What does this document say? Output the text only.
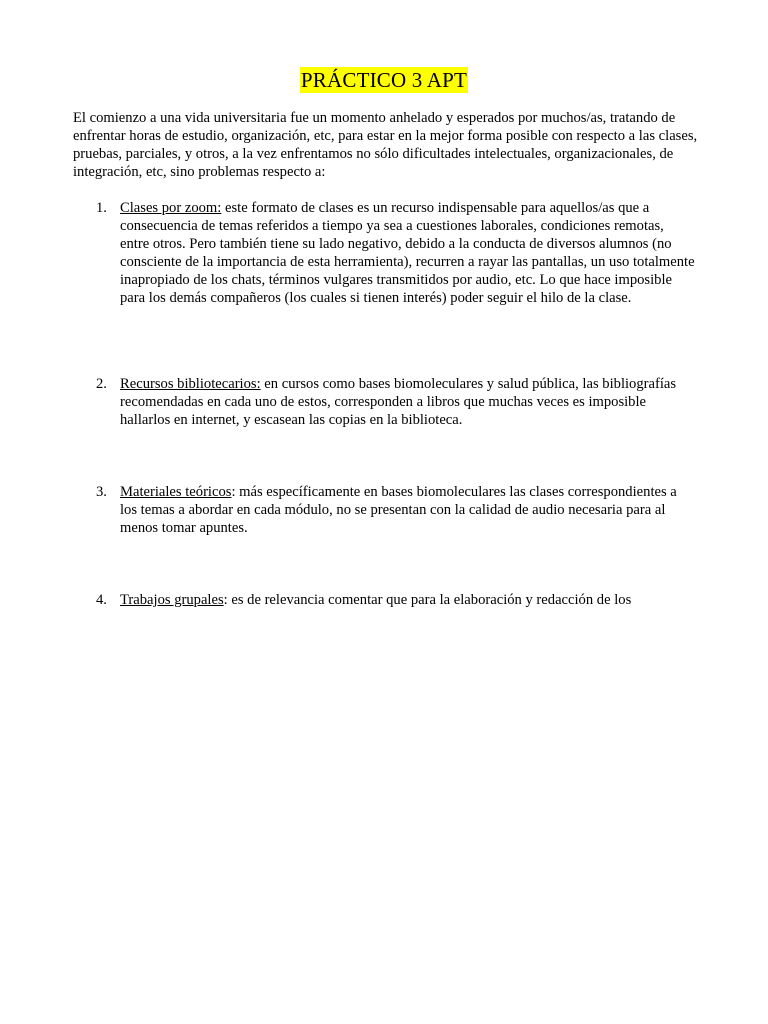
PRÁCTICO 3 APT

El comienzo a una vida universitaria fue un momento anhelado y esperados por muchos/as, tratando de enfrentar horas de estudio, organización, etc, para estar en la mejor forma posible con respecto a las clases, pruebas, parciales, y otros, a la vez enfrentamos no sólo dificultades intelectuales, organizacionales, de integración, etc, sino problemas respecto a:

1. Clases por zoom: este formato de clases es un recurso indispensable para aquellos/as que a consecuencia de temas referidos a tiempo ya sea a cuestiones laborales, condiciones remotas, entre otros. Pero también tiene su lado negativo, debido a la conducta de diversos alumnos (no consciente de la importancia de esta herramienta), recurren a rayar las pantallas, un uso totalmente inapropiado de los chats, términos vulgares transmitidos por audio, etc. Lo que hace imposible para los demás compañeros (los cuales si tienen interés) poder seguir el hilo de la clase.
2. Recursos bibliotecarios: en cursos como bases biomoleculares y salud pública, las bibliografías recomendadas en cada uno de estos, corresponden a libros que muchas veces es imposible hallarlos en internet, y escasean las copias en la biblioteca.
3. Materiales teóricos: más específicamente en bases biomoleculares las clases correspondientes a los temas a abordar en cada módulo, no se presentan con la calidad de audio necesaria para al menos tomar apuntes.
4. Trabajos grupales: es de relevancia comentar que para la elaboración y redacción de los
